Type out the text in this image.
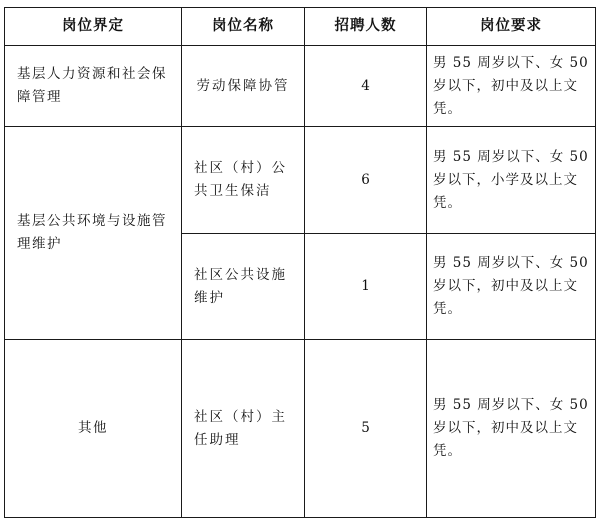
岗位界定	岗位名称	招聘人数	岗位要求
基层人力资源和社会保障管理	劳动保障协管	4	男 55 周岁以下、女 50 岁以下，初中及以上文凭。
基层公共环境与设施管理维护	社区（村）公共卫生保洁	6	男 55 周岁以下、女 50 岁以下，小学及以上文凭。
	社区公共设施维护	1	男 55 周岁以下、女 50 岁以下，初中及以上文凭。
其他	社区（村）主任助理	5	男 55 周岁以下、女 50 岁以下，初中及以上文凭。
